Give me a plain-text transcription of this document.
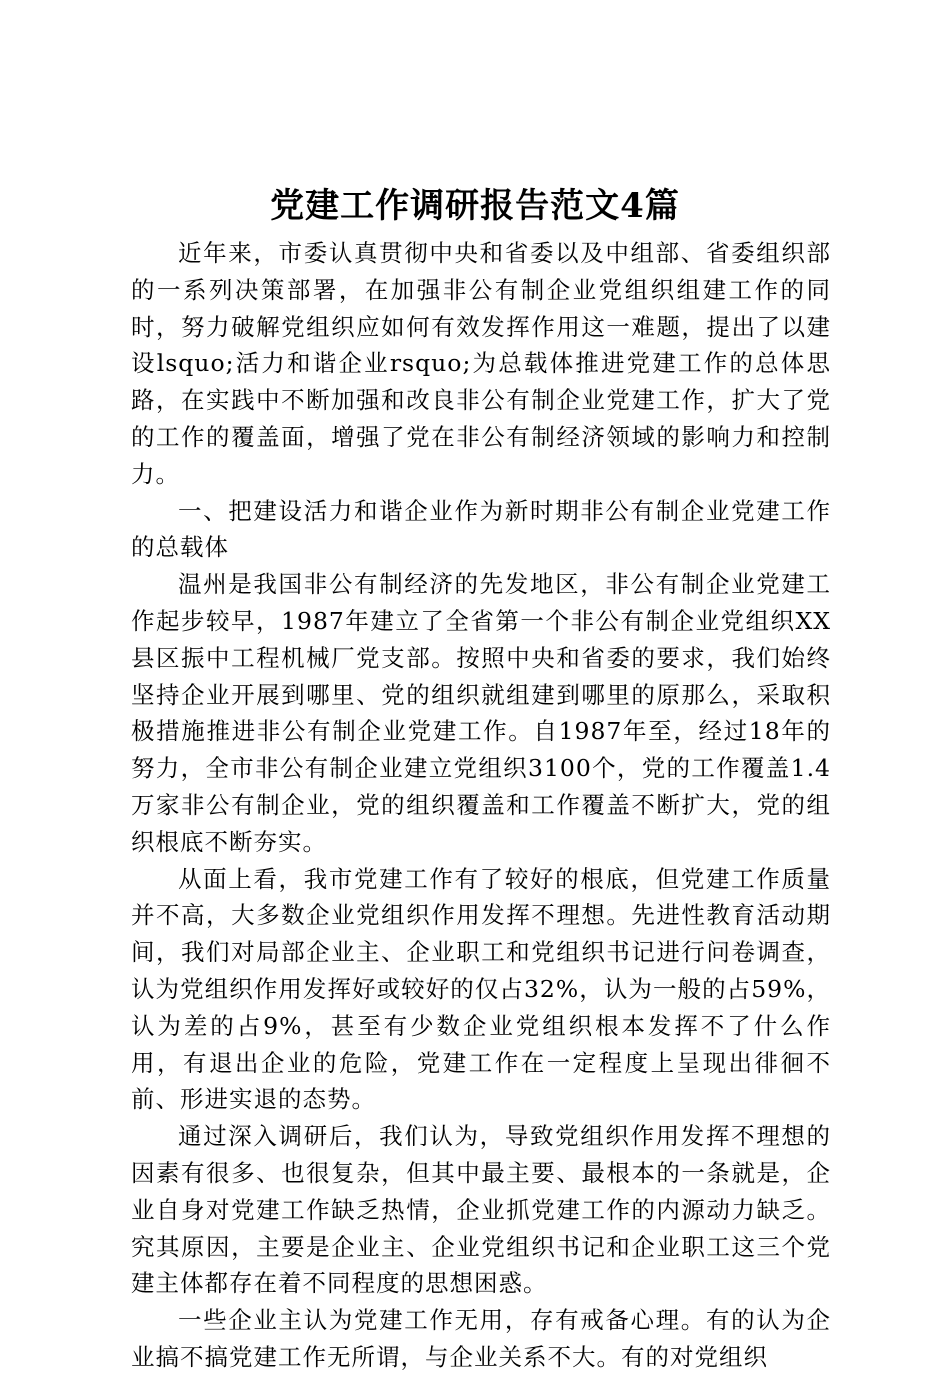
党建工作调研报告范文4篇

近年来，市委认真贯彻中央和省委以及中组部、省委组织部的一系列决策部署，在加强非公有制企业党组织组建工作的同时，努力破解党组织应如何有效发挥作用这一难题，提出了以建设lsquo;活力和谐企业rsquo;为总载体推进党建工作的总体思路，在实践中不断加强和改良非公有制企业党建工作，扩大了党的工作的覆盖面，增强了党在非公有制经济领域的影响力和控制力。

一、把建设活力和谐企业作为新时期非公有制企业党建工作的总载体

温州是我国非公有制经济的先发地区，非公有制企业党建工作起步较早，1987年建立了全省第一个非公有制企业党组织XX县区振中工程机械厂党支部。按照中央和省委的要求，我们始终坚持企业开展到哪里、党的组织就组建到哪里的原那么，采取积极措施推进非公有制企业党建工作。自1987年至，经过18年的努力，全市非公有制企业建立党组织3100个，党的工作覆盖1.4万家非公有制企业，党的组织覆盖和工作覆盖不断扩大，党的组织根底不断夯实。

从面上看，我市党建工作有了较好的根底，但党建工作质量并不高，大多数企业党组织作用发挥不理想。先进性教育活动期间，我们对局部企业主、企业职工和党组织书记进行问卷调查，认为党组织作用发挥好或较好的仅占32%，认为一般的占59%，认为差的占9%，甚至有少数企业党组织根本发挥不了什么作用，有退出企业的危险，党建工作在一定程度上呈现出徘徊不前、形进实退的态势。

通过深入调研后，我们认为，导致党组织作用发挥不理想的因素有很多、也很复杂，但其中最主要、最根本的一条就是，企业自身对党建工作缺乏热情，企业抓党建工作的内源动力缺乏。究其原因，主要是企业主、企业党组织书记和企业职工这三个党建主体都存在着不同程度的思想困惑。

一些企业主认为党建工作无用，存有戒备心理。有的认为企业搞不搞党建工作无所谓，与企业关系不大。有的对党组织
